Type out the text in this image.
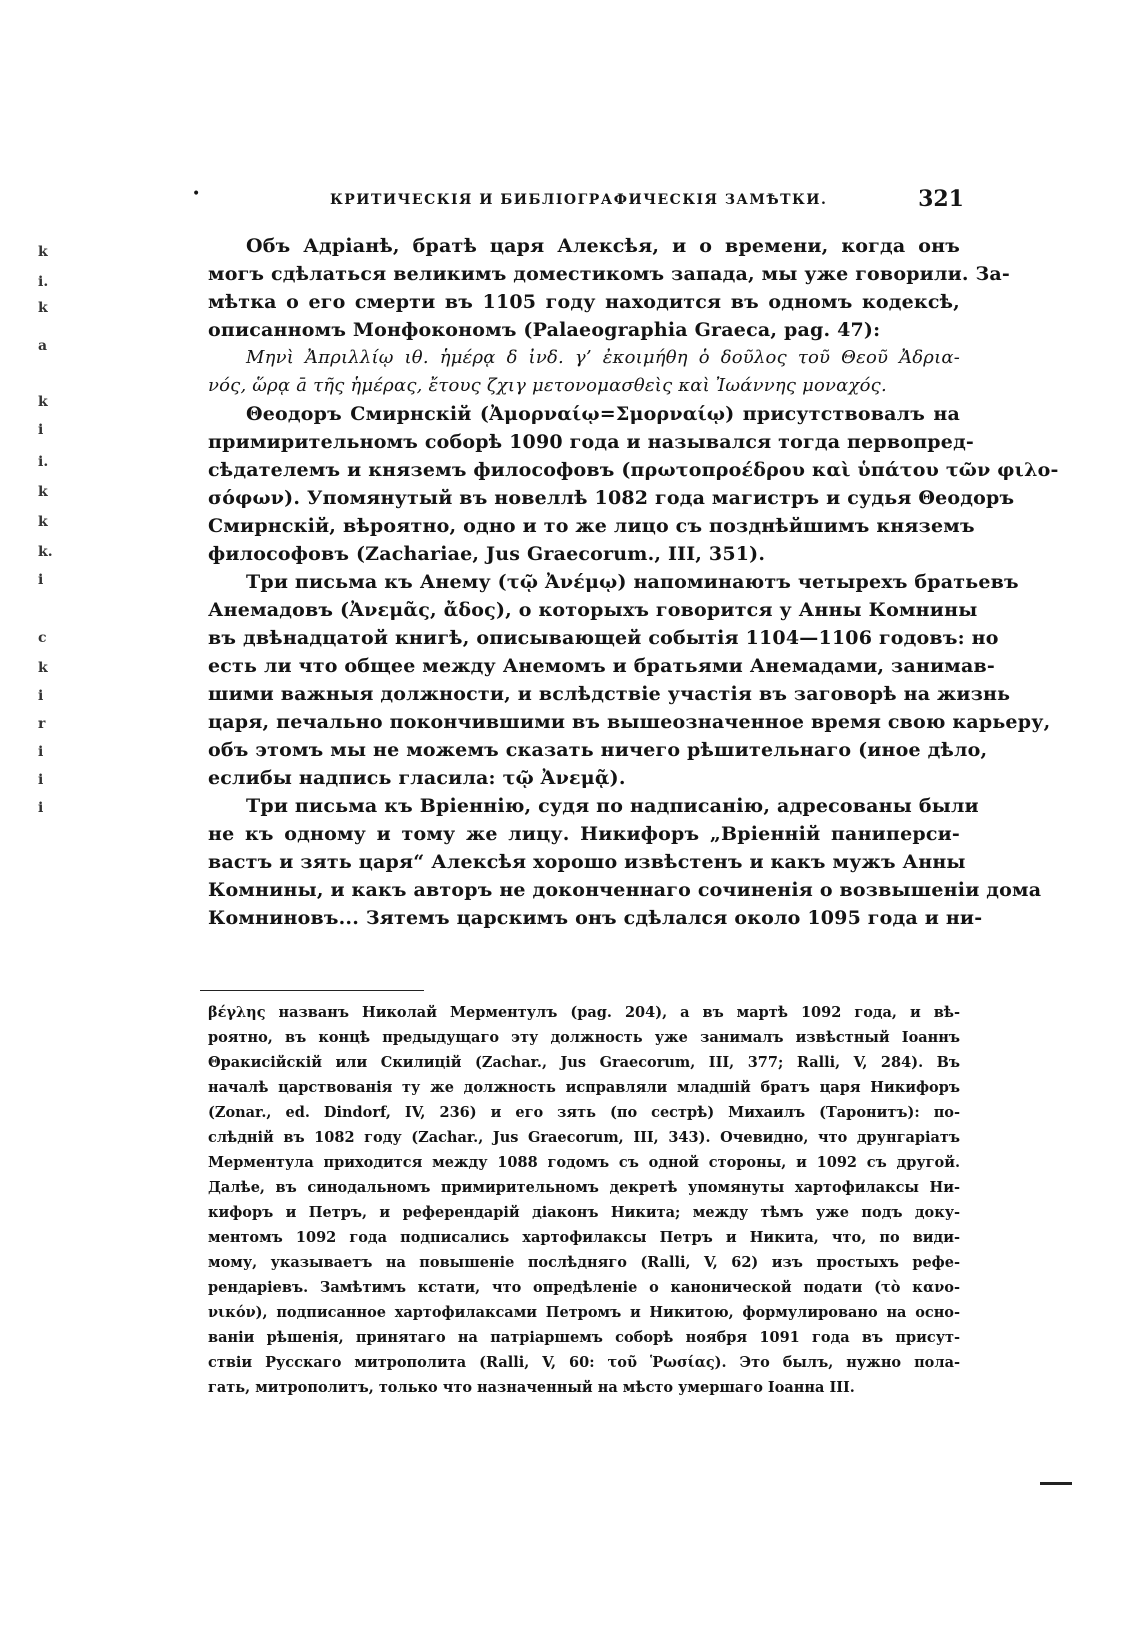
k
i.
k
a
k
i
i.
k
k
k.
i
c
k
i
r
i
i
i
•	КРИТИЧЕСКІЯ И БИБЛІОГРАФИЧЕСКІЯ ЗАМѢТКИ.	321
Объ Адріанѣ, братѣ царя Алексѣя, и о времени, когда онъ
могъ сдѣлаться великимъ доместикомъ запада, мы уже говорили. За-
мѣтка о его смерти въ 1105 году находится въ одномъ кодексѣ,
описанномъ Монфокономъ (Palaeographia Graeca, pag. 47):
Μηνὶ Ἀπριλλίῳ ιθ. ἡμέρᾳ δ ἰνδ. γ’ ἐκοιμήθη ὁ δοῦλος τοῦ Θεοῦ Ἀδρια-
νός, ὥρᾳ ā τῆς ἡμέρας, ἔτους ζχιγ μετονομασθεὶς καὶ Ἰωάννης μοναχός.
Θеодоръ Смирнскій (Ἀμορναίῳ=Σμορναίῳ) присутствовалъ на
примирительномъ соборѣ 1090 года и назывался тогда первопред-
сѣдателемъ и княземъ философовъ (πρωτοπροέδρου καὶ ὑπάτου τῶν φιλο-
σόφων). Упомянутый въ новеллѣ 1082 года магистръ и судья Θеодоръ
Смирнскій, вѣроятно, одно и то же лицо съ позднѣйшимъ княземъ
философовъ (Zachariae, Jus Graecorum., III, 351).
Три письма къ Анему (τῷ Ἀνέμῳ) напоминаютъ четырехъ братьевъ
Анемадовъ (Ἀνεμᾶς, ἄδος), о которыхъ говорится у Анны Комнины
въ двѣнадцатой книгѣ, описывающей событія 1104—1106 годовъ: но
есть ли что общее между Анемомъ и братьями Анемадами, занимав-
шими важныя должности, и вслѣдствіе участія въ заговорѣ на жизнь
царя, печально покончившими въ вышеозначенное время свою карьеру,
объ этомъ мы не можемъ сказать ничего рѣшительнаго (иное дѣло,
еслибы надпись гласила: τῷ Ἀνεμᾷ).
Три письма къ Вріеннію, судя по надписанію, адресованы были
не къ одному и тому же лицу. Никифоръ „Вріенній паниперси-
вастъ и зять царя“ Алексѣя хорошо извѣстенъ и какъ мужъ Анны
Комнины, и какъ авторъ не доконченнаго сочиненія о возвышеніи дома
Комниновъ... Зятемъ царскимъ онъ сдѣлался около 1095 года и ни-
βέγλης названъ Николай Мерментулъ (pag. 204), а въ мартѣ 1092 года, и вѣ-
роятно, въ концѣ предыдущаго эту должность уже занималъ извѣстный Іоаннъ
Θракисійскій или Скилицій (Zachar., Jus Graecorum, III, 377; Ralli, V, 284). Въ
началѣ царствованія ту же должность исправляли младшій братъ царя Никифоръ
(Zonar., ed. Dindorf, IV, 236) и его зять (по сестрѣ) Михаилъ (Таронитъ): по-
слѣдній въ 1082 году (Zachar., Jus Graecorum, III, 343). Очевидно, что друнгаріатъ
Мерментула приходится между 1088 годомъ съ одной стороны, и 1092 съ другой.
Далѣе, въ синодальномъ примирительномъ декретѣ упомянуты хартофилаксы Ни-
кифоръ и Петръ, и референдарій діаконъ Никита; между тѣмъ уже подъ доку-
ментомъ 1092 года подписались хартофилаксы Петръ и Никита, что, по види-
мому, указываетъ на повышеніе послѣдняго (Ralli, V, 62) изъ простыхъ рефе-
рендаріевъ. Замѣтимъ кстати, что опредѣленіе о канонической подати (τὸ κανο-
νικόν), подписанное хартофилаксами Петромъ и Никитою, формулировано на осно-
ваніи рѣшенія, принятаго на патріаршемъ соборѣ ноября 1091 года въ присут-
ствіи Русскаго митрополита (Ralli, V, 60: τοῦ Ῥωσίας). Это былъ, нужно пола-
гать, митрополитъ, только что назначенный на мѣсто умершаго Іоанна III.
